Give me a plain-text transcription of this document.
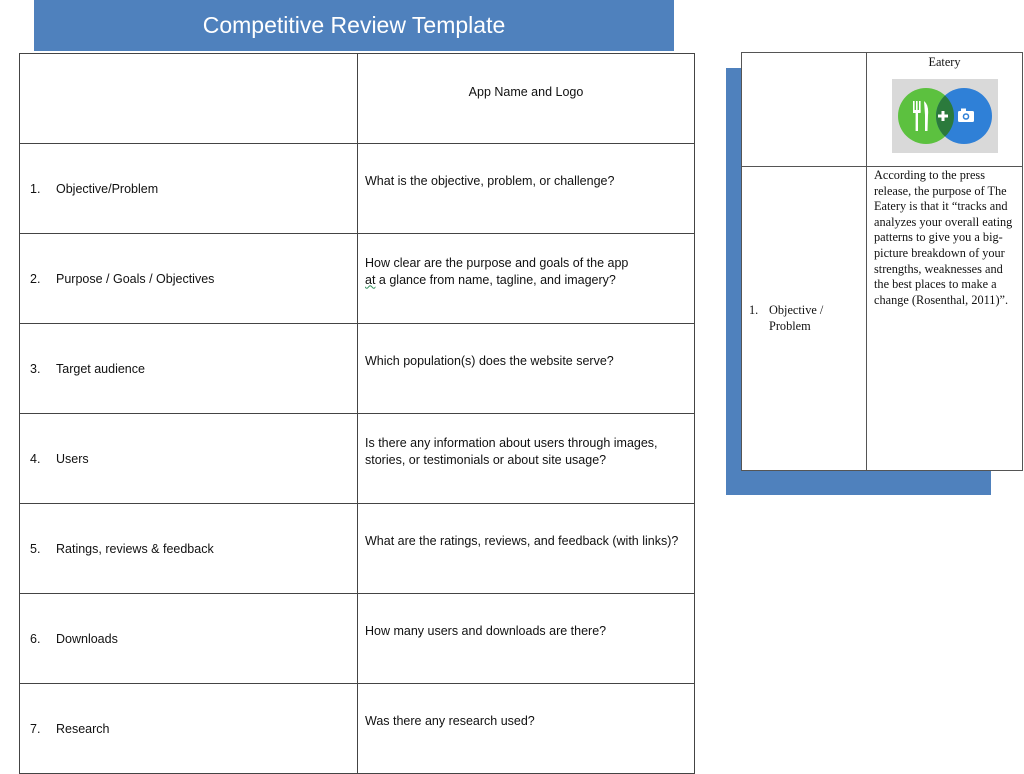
Competitive Review Template
	App Name and Logo

1. Objective/Problem	What is the objective, problem, or challenge?

2. Purpose / Goals / Objectives	How clear are the purpose and goals of the app
at a glance from name, tagline, and imagery?

3. Target audience	Which population(s) does the website serve?

4. Users	Is there any information about users through images, stories, or testimonials or about site usage?

5. Ratings, reviews & feedback	What are the ratings, reviews, and feedback (with links)?

6. Downloads	How many users and downloads are there?

7. Research	Was there any research used?

	Eatery

1. Objective / Problem	According to the press release, the purpose of The Eatery is that it “tracks and analyzes your overall eating patterns to give you a big-picture breakdown of your strengths, weaknesses and the best places to make a change (Rosenthal, 2011)”.
